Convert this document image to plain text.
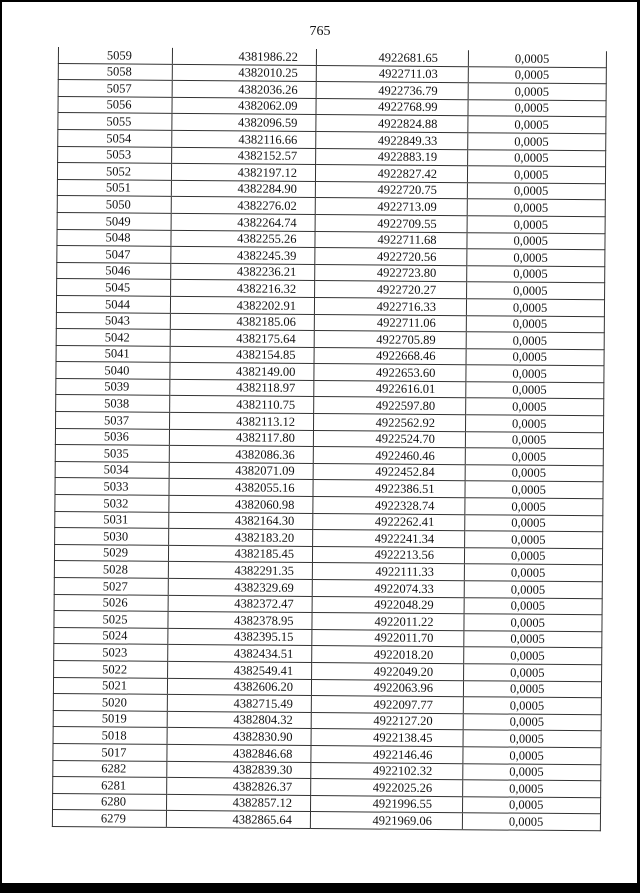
765
5059	4381986.22	4922681.65	0,0005
5058	4382010.25	4922711.03	0,0005
5057	4382036.26	4922736.79	0,0005
5056	4382062.09	4922768.99	0,0005
5055	4382096.59	4922824.88	0,0005
5054	4382116.66	4922849.33	0,0005
5053	4382152.57	4922883.19	0,0005
5052	4382197.12	4922827.42	0,0005
5051	4382284.90	4922720.75	0,0005
5050	4382276.02	4922713.09	0,0005
5049	4382264.74	4922709.55	0,0005
5048	4382255.26	4922711.68	0,0005
5047	4382245.39	4922720.56	0,0005
5046	4382236.21	4922723.80	0,0005
5045	4382216.32	4922720.27	0,0005
5044	4382202.91	4922716.33	0,0005
5043	4382185.06	4922711.06	0,0005
5042	4382175.64	4922705.89	0,0005
5041	4382154.85	4922668.46	0,0005
5040	4382149.00	4922653.60	0,0005
5039	4382118.97	4922616.01	0,0005
5038	4382110.75	4922597.80	0,0005
5037	4382113.12	4922562.92	0,0005
5036	4382117.80	4922524.70	0,0005
5035	4382086.36	4922460.46	0,0005
5034	4382071.09	4922452.84	0,0005
5033	4382055.16	4922386.51	0,0005
5032	4382060.98	4922328.74	0,0005
5031	4382164.30	4922262.41	0,0005
5030	4382183.20	4922241.34	0,0005
5029	4382185.45	4922213.56	0,0005
5028	4382291.35	4922111.33	0,0005
5027	4382329.69	4922074.33	0,0005
5026	4382372.47	4922048.29	0,0005
5025	4382378.95	4922011.22	0,0005
5024	4382395.15	4922011.70	0,0005
5023	4382434.51	4922018.20	0,0005
5022	4382549.41	4922049.20	0,0005
5021	4382606.20	4922063.96	0,0005
5020	4382715.49	4922097.77	0,0005
5019	4382804.32	4922127.20	0,0005
5018	4382830.90	4922138.45	0,0005
5017	4382846.68	4922146.46	0,0005
6282	4382839.30	4922102.32	0,0005
6281	4382826.37	4922025.26	0,0005
6280	4382857.12	4921996.55	0,0005
6279	4382865.64	4921969.06	0,0005
